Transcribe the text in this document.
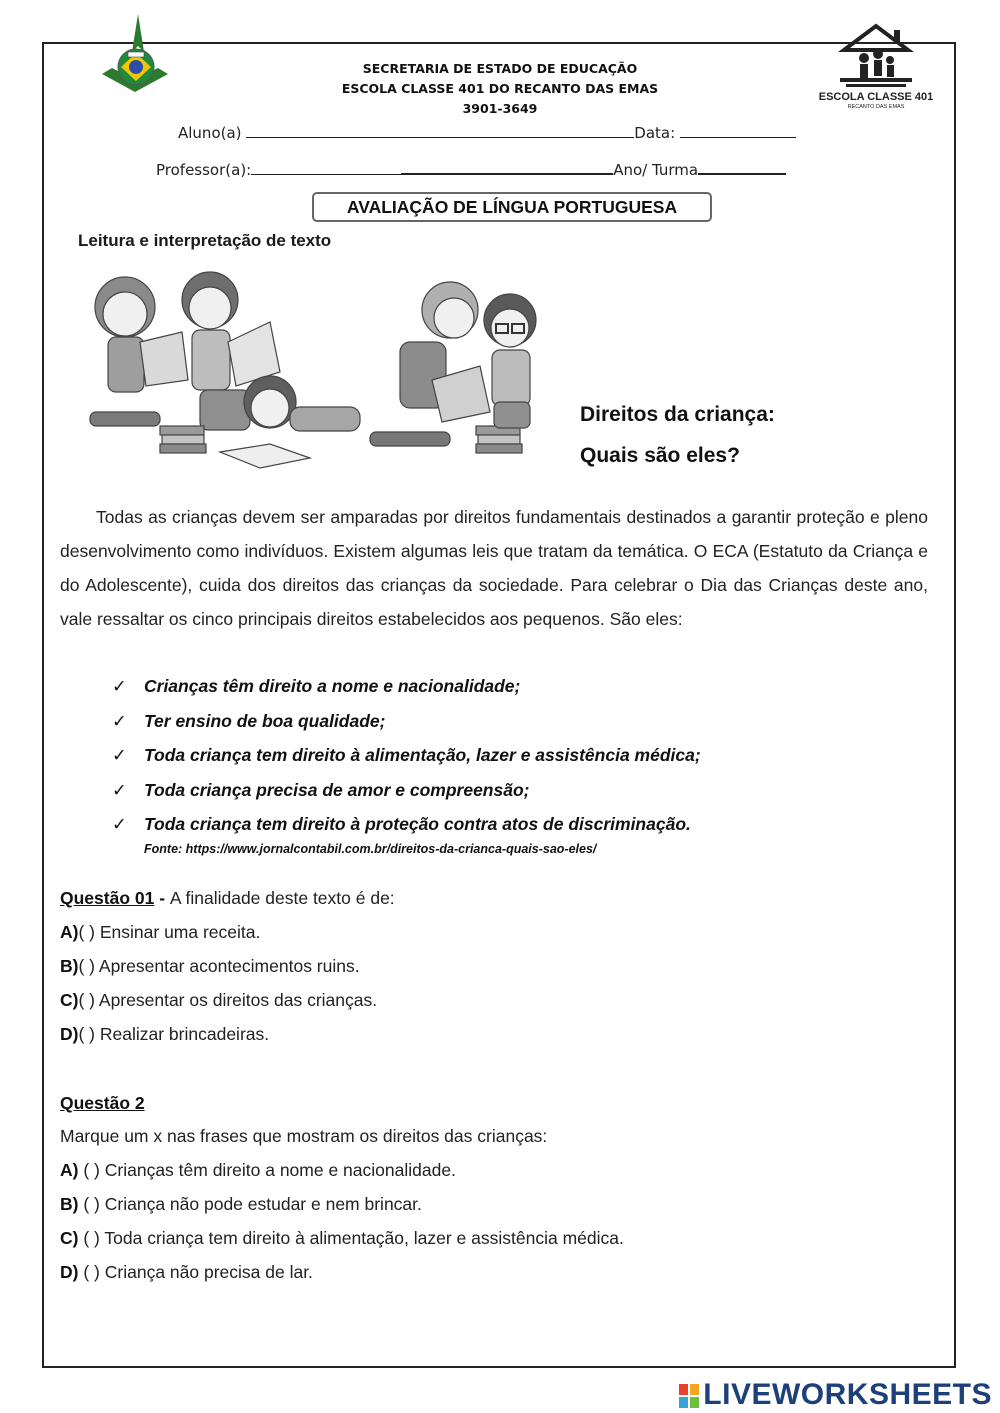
ESCOLA CLASSE 401
RECANTO DAS EMAS
SECRETARIA DE ESTADO DE EDUCAÇÃO
ESCOLA CLASSE 401 DO RECANTO DAS EMAS
3901-3649
Aluno(a)	Data:
Professor(a):	Ano/ Turma
AVALIAÇÃO DE LÍNGUA PORTUGUESA
Leitura e interpretação de texto
Direitos da criança:
Quais são eles?
Todas as crianças devem ser amparadas por direitos fundamentais destinados a garantir proteção e pleno desenvolvimento como indivíduos. Existem algumas leis que tratam da temática. O ECA (Estatuto da Criança e do Adolescente), cuida dos direitos das crianças da sociedade. Para celebrar o Dia das Crianças deste ano, vale ressaltar os cinco principais direitos estabelecidos aos pequenos. São eles:
✓ Crianças têm direito a nome e nacionalidade;
✓ Ter ensino de boa qualidade;
✓ Toda criança tem direito à alimentação, lazer e assistência médica;
✓ Toda criança precisa de amor e compreensão;
✓ Toda criança tem direito à proteção contra atos de discriminação.
Fonte: https://www.jornalcontabil.com.br/direitos-da-crianca-quais-sao-eles/
Questão 01 - A finalidade deste texto é de:
A)( ) Ensinar uma receita.
B)( ) Apresentar acontecimentos ruins.
C)( ) Apresentar os direitos das crianças.
D)( ) Realizar brincadeiras.
Questão 2
Marque um x nas frases que mostram os direitos das crianças:
A) ( ) Crianças têm direito a nome e nacionalidade.
B) ( ) Criança não pode estudar e nem brincar.
C) ( ) Toda criança tem direito à alimentação, lazer e assistência médica.
D) ( ) Criança não precisa de lar.
LIVEWORKSHEETS
